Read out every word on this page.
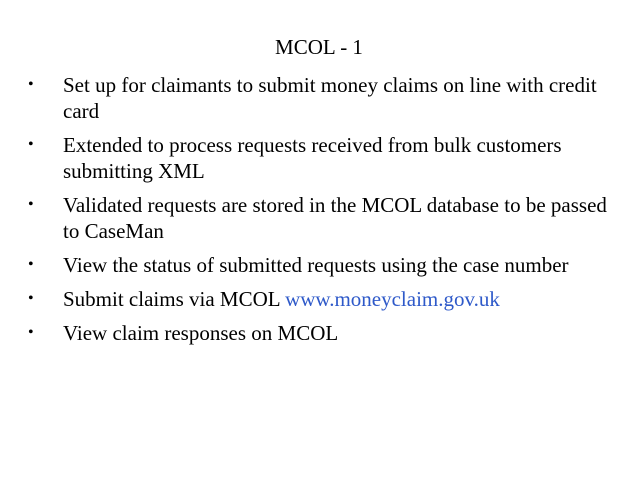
MCOL - 1
•	Set up for claimants to submit money claims on line with credit card
•	Extended to process requests received from bulk customers submitting XML
•	Validated requests are stored in the MCOL database to be passed to CaseMan
•	View the status of submitted requests using the case number
•	Submit claims via MCOL www.moneyclaim.gov.uk
•	View claim responses on MCOL
